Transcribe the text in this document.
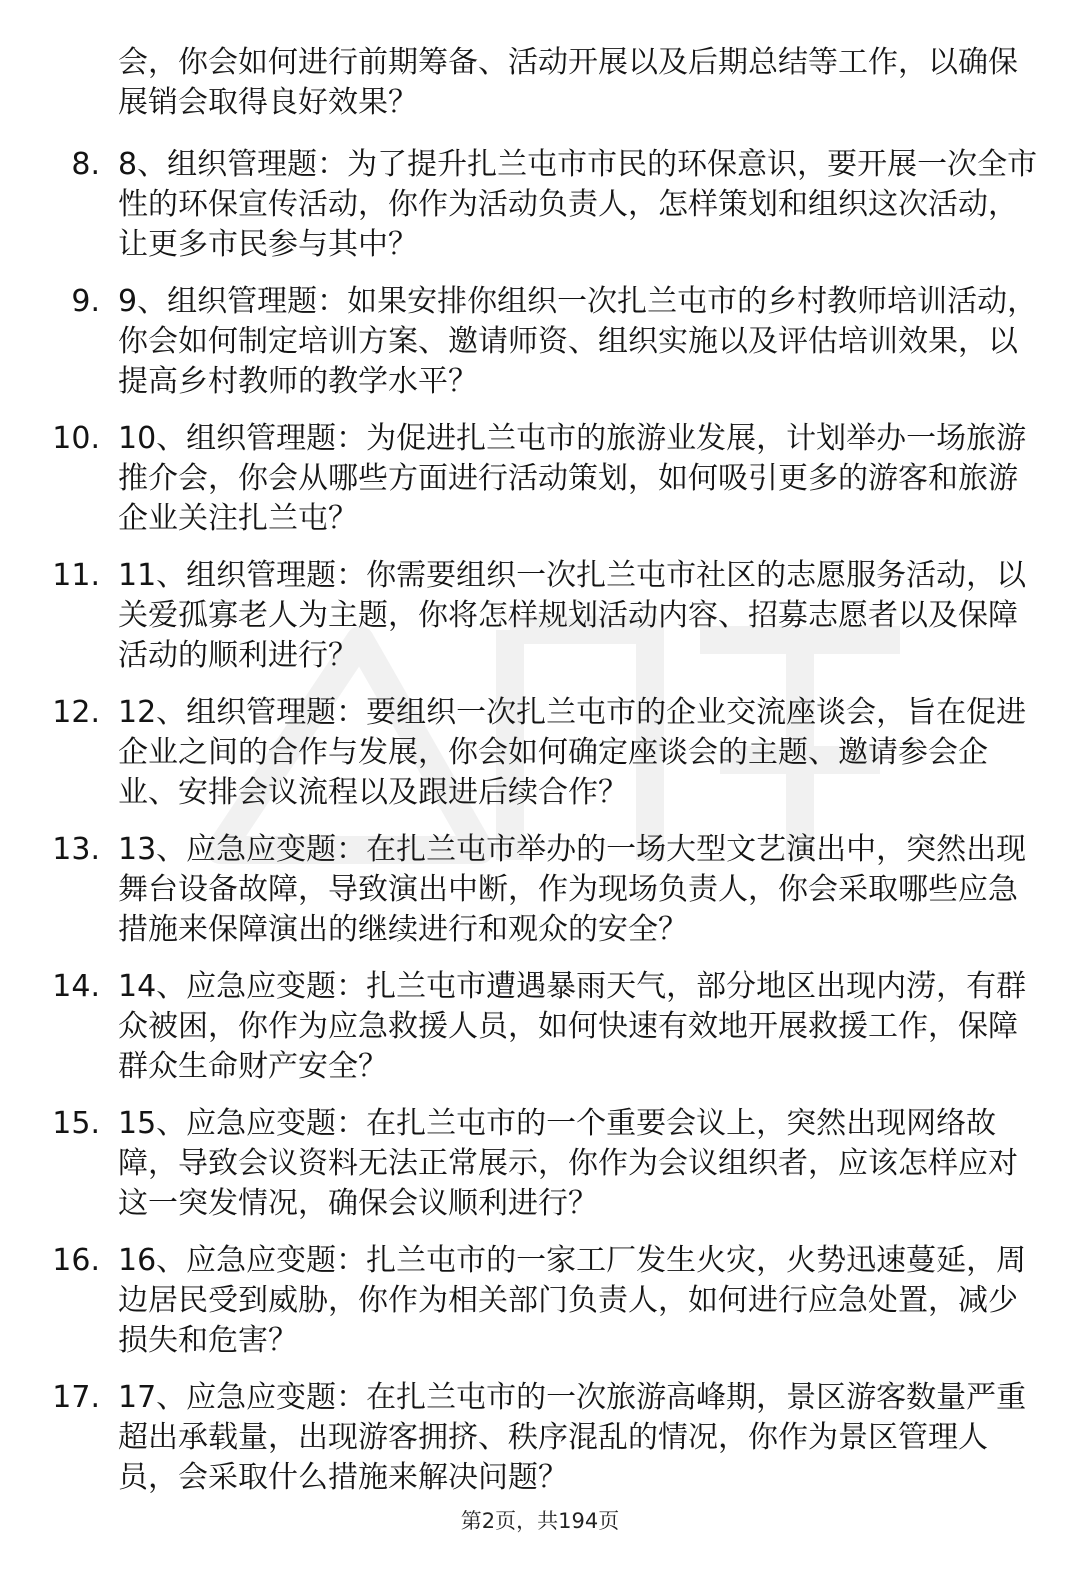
会，你会如何进行前期筹备、活动开展以及后期总结等工作，以确保展销会取得良好效果？
8. 8、组织管理题：为了提升扎兰屯市市民的环保意识，要开展一次全市性的环保宣传活动，你作为活动负责人，怎样策划和组织这次活动，让更多市民参与其中？
9. 9、组织管理题：如果安排你组织一次扎兰屯市的乡村教师培训活动，你会如何制定培训方案、邀请师资、组织实施以及评估培训效果，以提高乡村教师的教学水平？
10. 10、组织管理题：为促进扎兰屯市的旅游业发展，计划举办一场旅游推介会，你会从哪些方面进行活动策划，如何吸引更多的游客和旅游企业关注扎兰屯？
11. 11、组织管理题：你需要组织一次扎兰屯市社区的志愿服务活动，以关爱孤寡老人为主题，你将怎样规划活动内容、招募志愿者以及保障活动的顺利进行？
12. 12、组织管理题：要组织一次扎兰屯市的企业交流座谈会，旨在促进企业之间的合作与发展，你会如何确定座谈会的主题、邀请参会企业、安排会议流程以及跟进后续合作？
13. 13、应急应变题：在扎兰屯市举办的一场大型文艺演出中，突然出现舞台设备故障，导致演出中断，作为现场负责人，你会采取哪些应急措施来保障演出的继续进行和观众的安全？
14. 14、应急应变题：扎兰屯市遭遇暴雨天气，部分地区出现内涝，有群众被困，你作为应急救援人员，如何快速有效地开展救援工作，保障群众生命财产安全？
15. 15、应急应变题：在扎兰屯市的一个重要会议上，突然出现网络故障，导致会议资料无法正常展示，你作为会议组织者，应该怎样应对这一突发情况，确保会议顺利进行？
16. 16、应急应变题：扎兰屯市的一家工厂发生火灾，火势迅速蔓延，周边居民受到威胁，你作为相关部门负责人，如何进行应急处置，减少损失和危害？
17. 17、应急应变题：在扎兰屯市的一次旅游高峰期，景区游客数量严重超出承载量，出现游客拥挤、秩序混乱的情况，你作为景区管理人员，会采取什么措施来解决问题？
第2页，共194页
